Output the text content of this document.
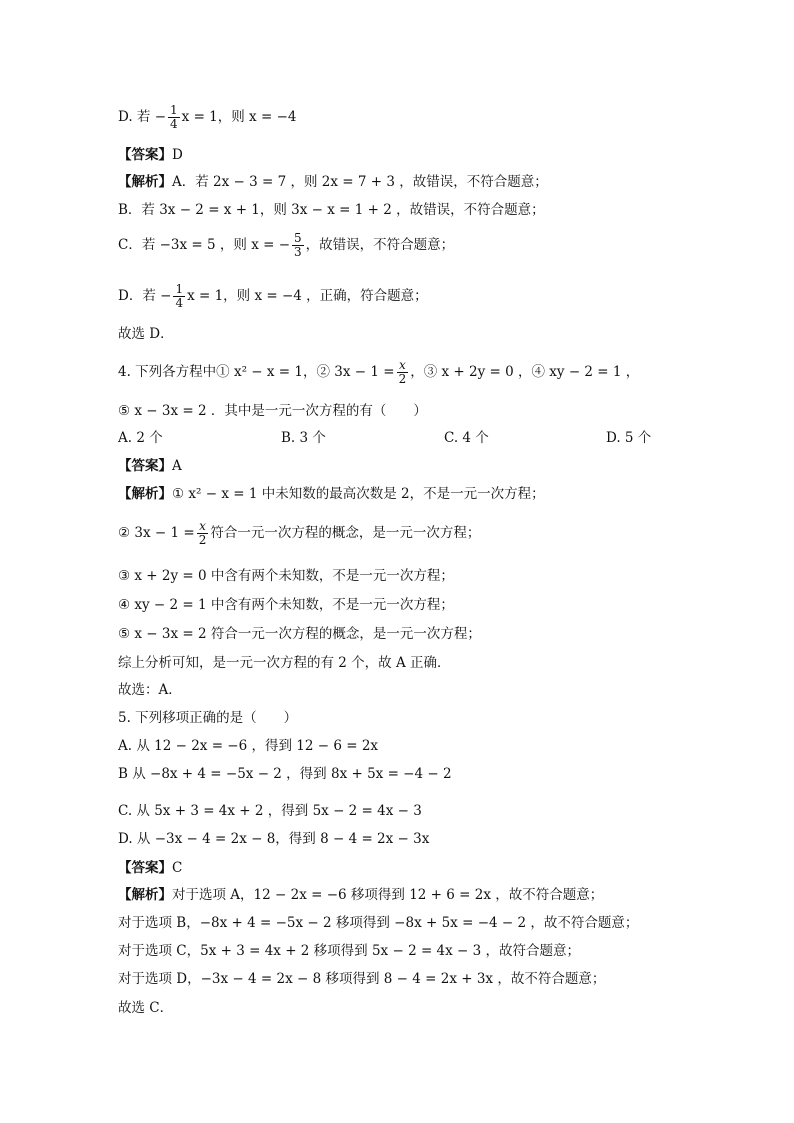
D. 若 − $\frac{1}{4}$ x = 1，则 x = −4
【答案】D
【解析】A．若 2x − 3 = 7 ，则 2x = 7 + 3 ，故错误，不符合题意；
B．若 3x − 2 = x + 1，则 3x − x = 1 + 2 ，故错误，不符合题意；
C．若 −3x = 5 ，则 x = − $\frac{5}{3}$ ，故错误，不符合题意；
D．若 − $\frac{1}{4}$ x = 1，则 x = −4 ，正确，符合题意；
故选 D．
4. 下列各方程中① x² − x = 1，② $3x - 1 = \frac{x}{2}$ ，③ x + 2y = 0 ，④ xy − 2 = 1 ，
⑤ x − 3x = 2 ．其中是一元一次方程的有（　　）
A. 2 个	B. 3 个	C. 4 个	D. 5 个
【答案】A
【解析】① x² − x = 1 中未知数的最高次数是 2，不是一元一次方程；
② $3x - 1 = \frac{x}{2}$ 符合一元一次方程的概念，是一元一次方程；
③ x + 2y = 0 中含有两个未知数，不是一元一次方程；
④ xy − 2 = 1 中含有两个未知数，不是一元一次方程；
⑤ x − 3x = 2 符合一元一次方程的概念，是一元一次方程；
综上分析可知，是一元一次方程的有 2 个，故 A 正确．
故选：A．
5. 下列移项正确的是（　　）
A. 从 12 − 2x = −6 ，得到 12 − 6 = 2x
B 从 −8x + 4 = −5x − 2 ，得到 8x + 5x = −4 − 2
C. 从 5x + 3 = 4x + 2 ，得到 5x − 2 = 4x − 3
D. 从 −3x − 4 = 2x − 8，得到 8 − 4 = 2x − 3x
【答案】C
【解析】对于选项 A，12 − 2x = −6 移项得到 12 + 6 = 2x ，故不符合题意；
对于选项 B，−8x + 4 = −5x − 2 移项得到 −8x + 5x = −4 − 2 ，故不符合题意；
对于选项 C，5x + 3 = 4x + 2 移项得到 5x − 2 = 4x − 3 ，故符合题意；
对于选项 D，−3x − 4 = 2x − 8 移项得到 8 − 4 = 2x + 3x ，故不符合题意；
故选 C．
